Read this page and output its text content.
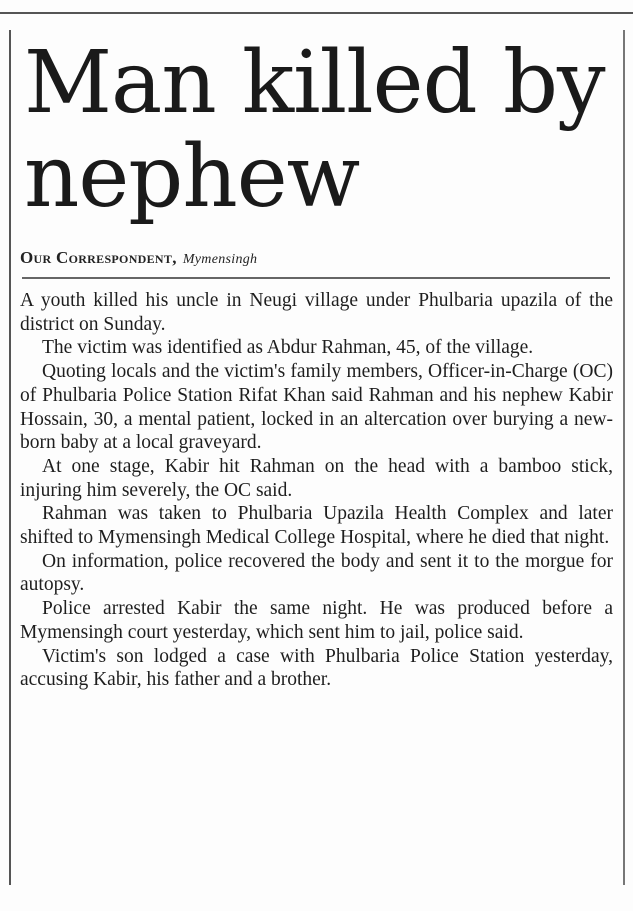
Man killed by nephew
Our Correspondent, Mymensingh

A youth killed his uncle in Neugi village under Phulbaria upazila of the district on Sunday.

The victim was identified as Abdur Rahman, 45, of the village.

Quoting locals and the victim's family members, Officer-in-Charge (OC) of Phulbaria Police Station Rifat Khan said Rahman and his nephew Kabir Hossain, 30, a mental patient, locked in an altercation over burying a new-born baby at a local graveyard.

At one stage, Kabir hit Rahman on the head with a bamboo stick, injuring him severely, the OC said.

Rahman was taken to Phulbaria Upazila Health Complex and later shifted to Mymensingh Medical College Hospital, where he died that night.

On information, police recovered the body and sent it to the morgue for autopsy.

Police arrested Kabir the same night. He was produced before a Mymensingh court yesterday, which sent him to jail, police said.

Victim's son lodged a case with Phulbaria Police Station yesterday, accusing Kabir, his father and a brother.
